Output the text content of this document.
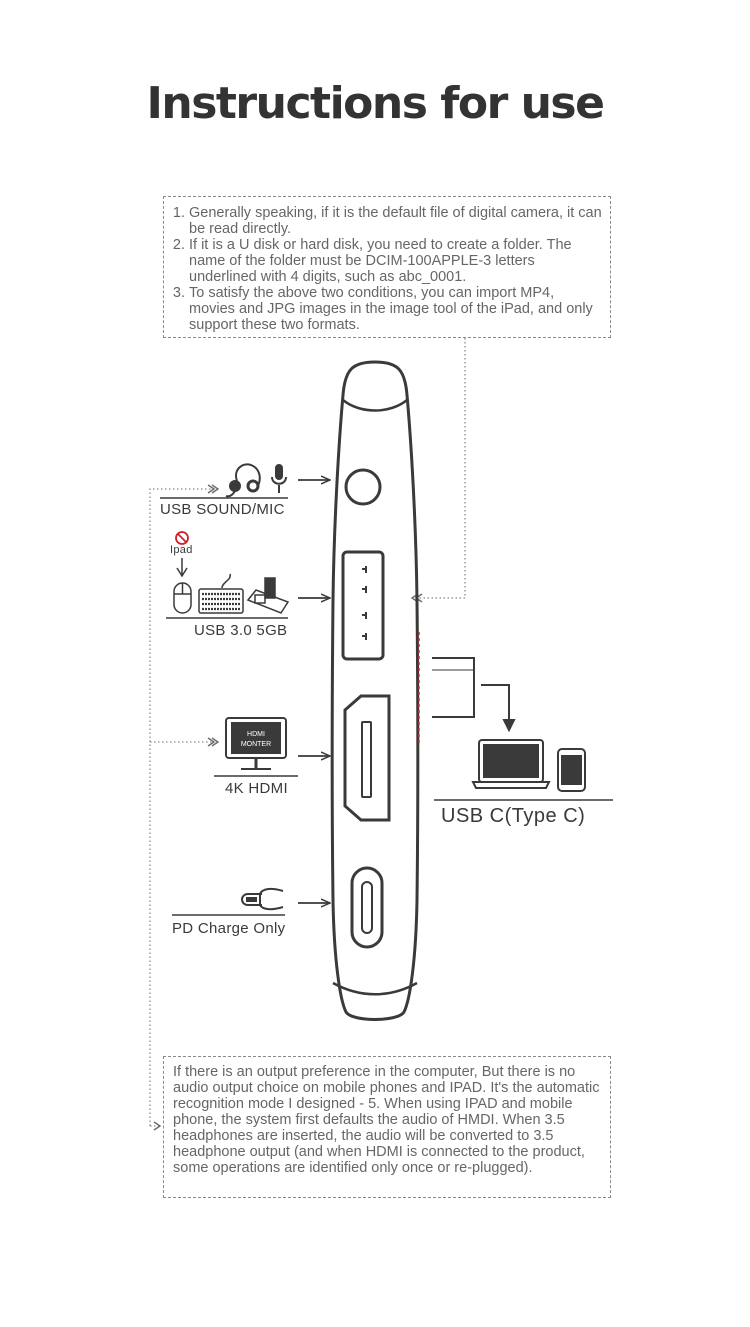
Instructions for use
1. Generally speaking, if it is the default file of digital camera, it can be read directly.
2. If it is a U disk or hard disk, you need to create a folder. The name of the folder must be DCIM-100APPLE-3 letters underlined with 4 digits, such as abc_0001.
3. To satisfy the above two conditions, you can import MP4, movies and JPG images in the image tool of the iPad, and only support these two formats.
If there is an output preference in the computer, But there is no audio output choice on mobile phones and IPAD. It's the automatic recognition mode I designed - 5. When using IPAD and mobile phone, the system first defaults the audio of HMDI. When 3.5 headphones are inserted, the audio will be converted to 3.5 headphone output (and when HDMI is connected to the product, some operations are identified only once or re-plugged).
HDMI
MONTER
USB SOUND/MIC
Ipad
USB 3.0 5GB
4K HDMI
PD Charge Only
USB C(Type C)
